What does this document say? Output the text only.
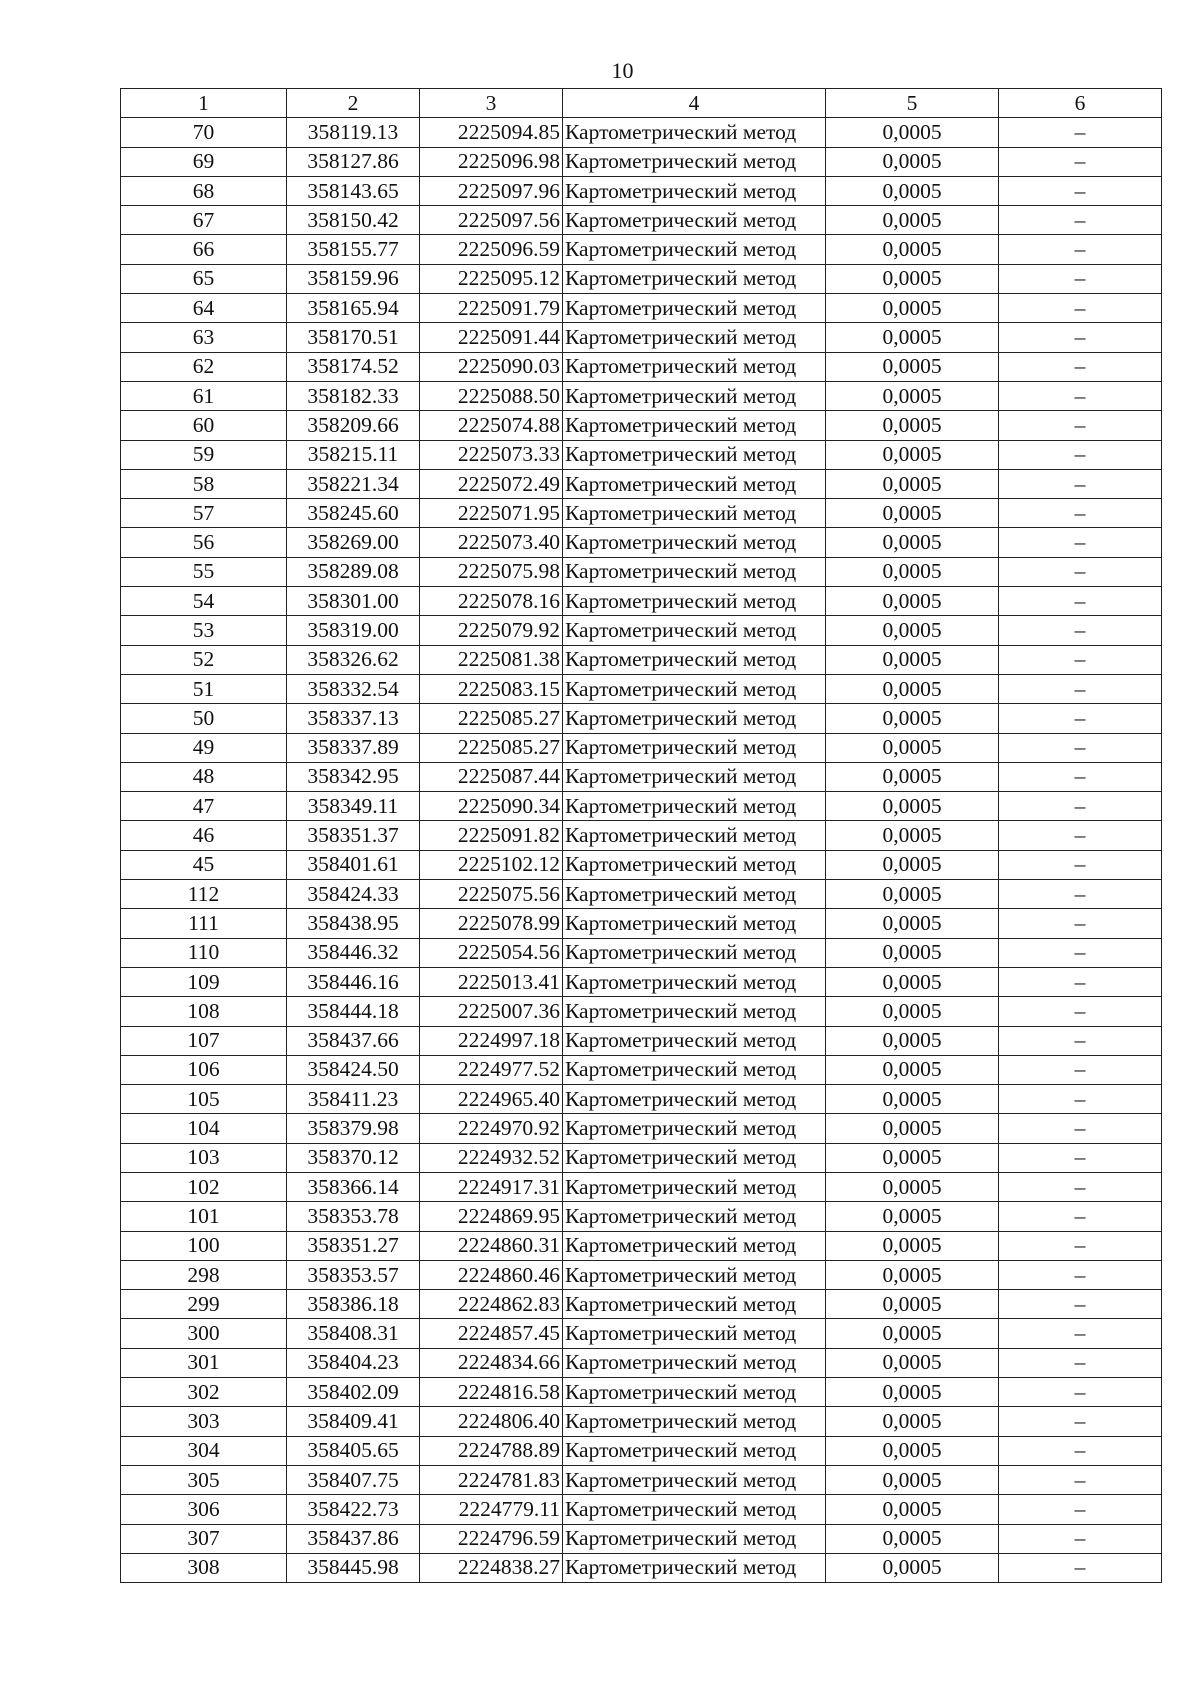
10
1	2	3	4	5	6
70	358119.13	2225094.85	Картометрический метод	0,0005	–
69	358127.86	2225096.98	Картометрический метод	0,0005	–
68	358143.65	2225097.96	Картометрический метод	0,0005	–
67	358150.42	2225097.56	Картометрический метод	0,0005	–
66	358155.77	2225096.59	Картометрический метод	0,0005	–
65	358159.96	2225095.12	Картометрический метод	0,0005	–
64	358165.94	2225091.79	Картометрический метод	0,0005	–
63	358170.51	2225091.44	Картометрический метод	0,0005	–
62	358174.52	2225090.03	Картометрический метод	0,0005	–
61	358182.33	2225088.50	Картометрический метод	0,0005	–
60	358209.66	2225074.88	Картометрический метод	0,0005	–
59	358215.11	2225073.33	Картометрический метод	0,0005	–
58	358221.34	2225072.49	Картометрический метод	0,0005	–
57	358245.60	2225071.95	Картометрический метод	0,0005	–
56	358269.00	2225073.40	Картометрический метод	0,0005	–
55	358289.08	2225075.98	Картометрический метод	0,0005	–
54	358301.00	2225078.16	Картометрический метод	0,0005	–
53	358319.00	2225079.92	Картометрический метод	0,0005	–
52	358326.62	2225081.38	Картометрический метод	0,0005	–
51	358332.54	2225083.15	Картометрический метод	0,0005	–
50	358337.13	2225085.27	Картометрический метод	0,0005	–
49	358337.89	2225085.27	Картометрический метод	0,0005	–
48	358342.95	2225087.44	Картометрический метод	0,0005	–
47	358349.11	2225090.34	Картометрический метод	0,0005	–
46	358351.37	2225091.82	Картометрический метод	0,0005	–
45	358401.61	2225102.12	Картометрический метод	0,0005	–
112	358424.33	2225075.56	Картометрический метод	0,0005	–
111	358438.95	2225078.99	Картометрический метод	0,0005	–
110	358446.32	2225054.56	Картометрический метод	0,0005	–
109	358446.16	2225013.41	Картометрический метод	0,0005	–
108	358444.18	2225007.36	Картометрический метод	0,0005	–
107	358437.66	2224997.18	Картометрический метод	0,0005	–
106	358424.50	2224977.52	Картометрический метод	0,0005	–
105	358411.23	2224965.40	Картометрический метод	0,0005	–
104	358379.98	2224970.92	Картометрический метод	0,0005	–
103	358370.12	2224932.52	Картометрический метод	0,0005	–
102	358366.14	2224917.31	Картометрический метод	0,0005	–
101	358353.78	2224869.95	Картометрический метод	0,0005	–
100	358351.27	2224860.31	Картометрический метод	0,0005	–
298	358353.57	2224860.46	Картометрический метод	0,0005	–
299	358386.18	2224862.83	Картометрический метод	0,0005	–
300	358408.31	2224857.45	Картометрический метод	0,0005	–
301	358404.23	2224834.66	Картометрический метод	0,0005	–
302	358402.09	2224816.58	Картометрический метод	0,0005	–
303	358409.41	2224806.40	Картометрический метод	0,0005	–
304	358405.65	2224788.89	Картометрический метод	0,0005	–
305	358407.75	2224781.83	Картометрический метод	0,0005	–
306	358422.73	2224779.11	Картометрический метод	0,0005	–
307	358437.86	2224796.59	Картометрический метод	0,0005	–
308	358445.98	2224838.27	Картометрический метод	0,0005	–
